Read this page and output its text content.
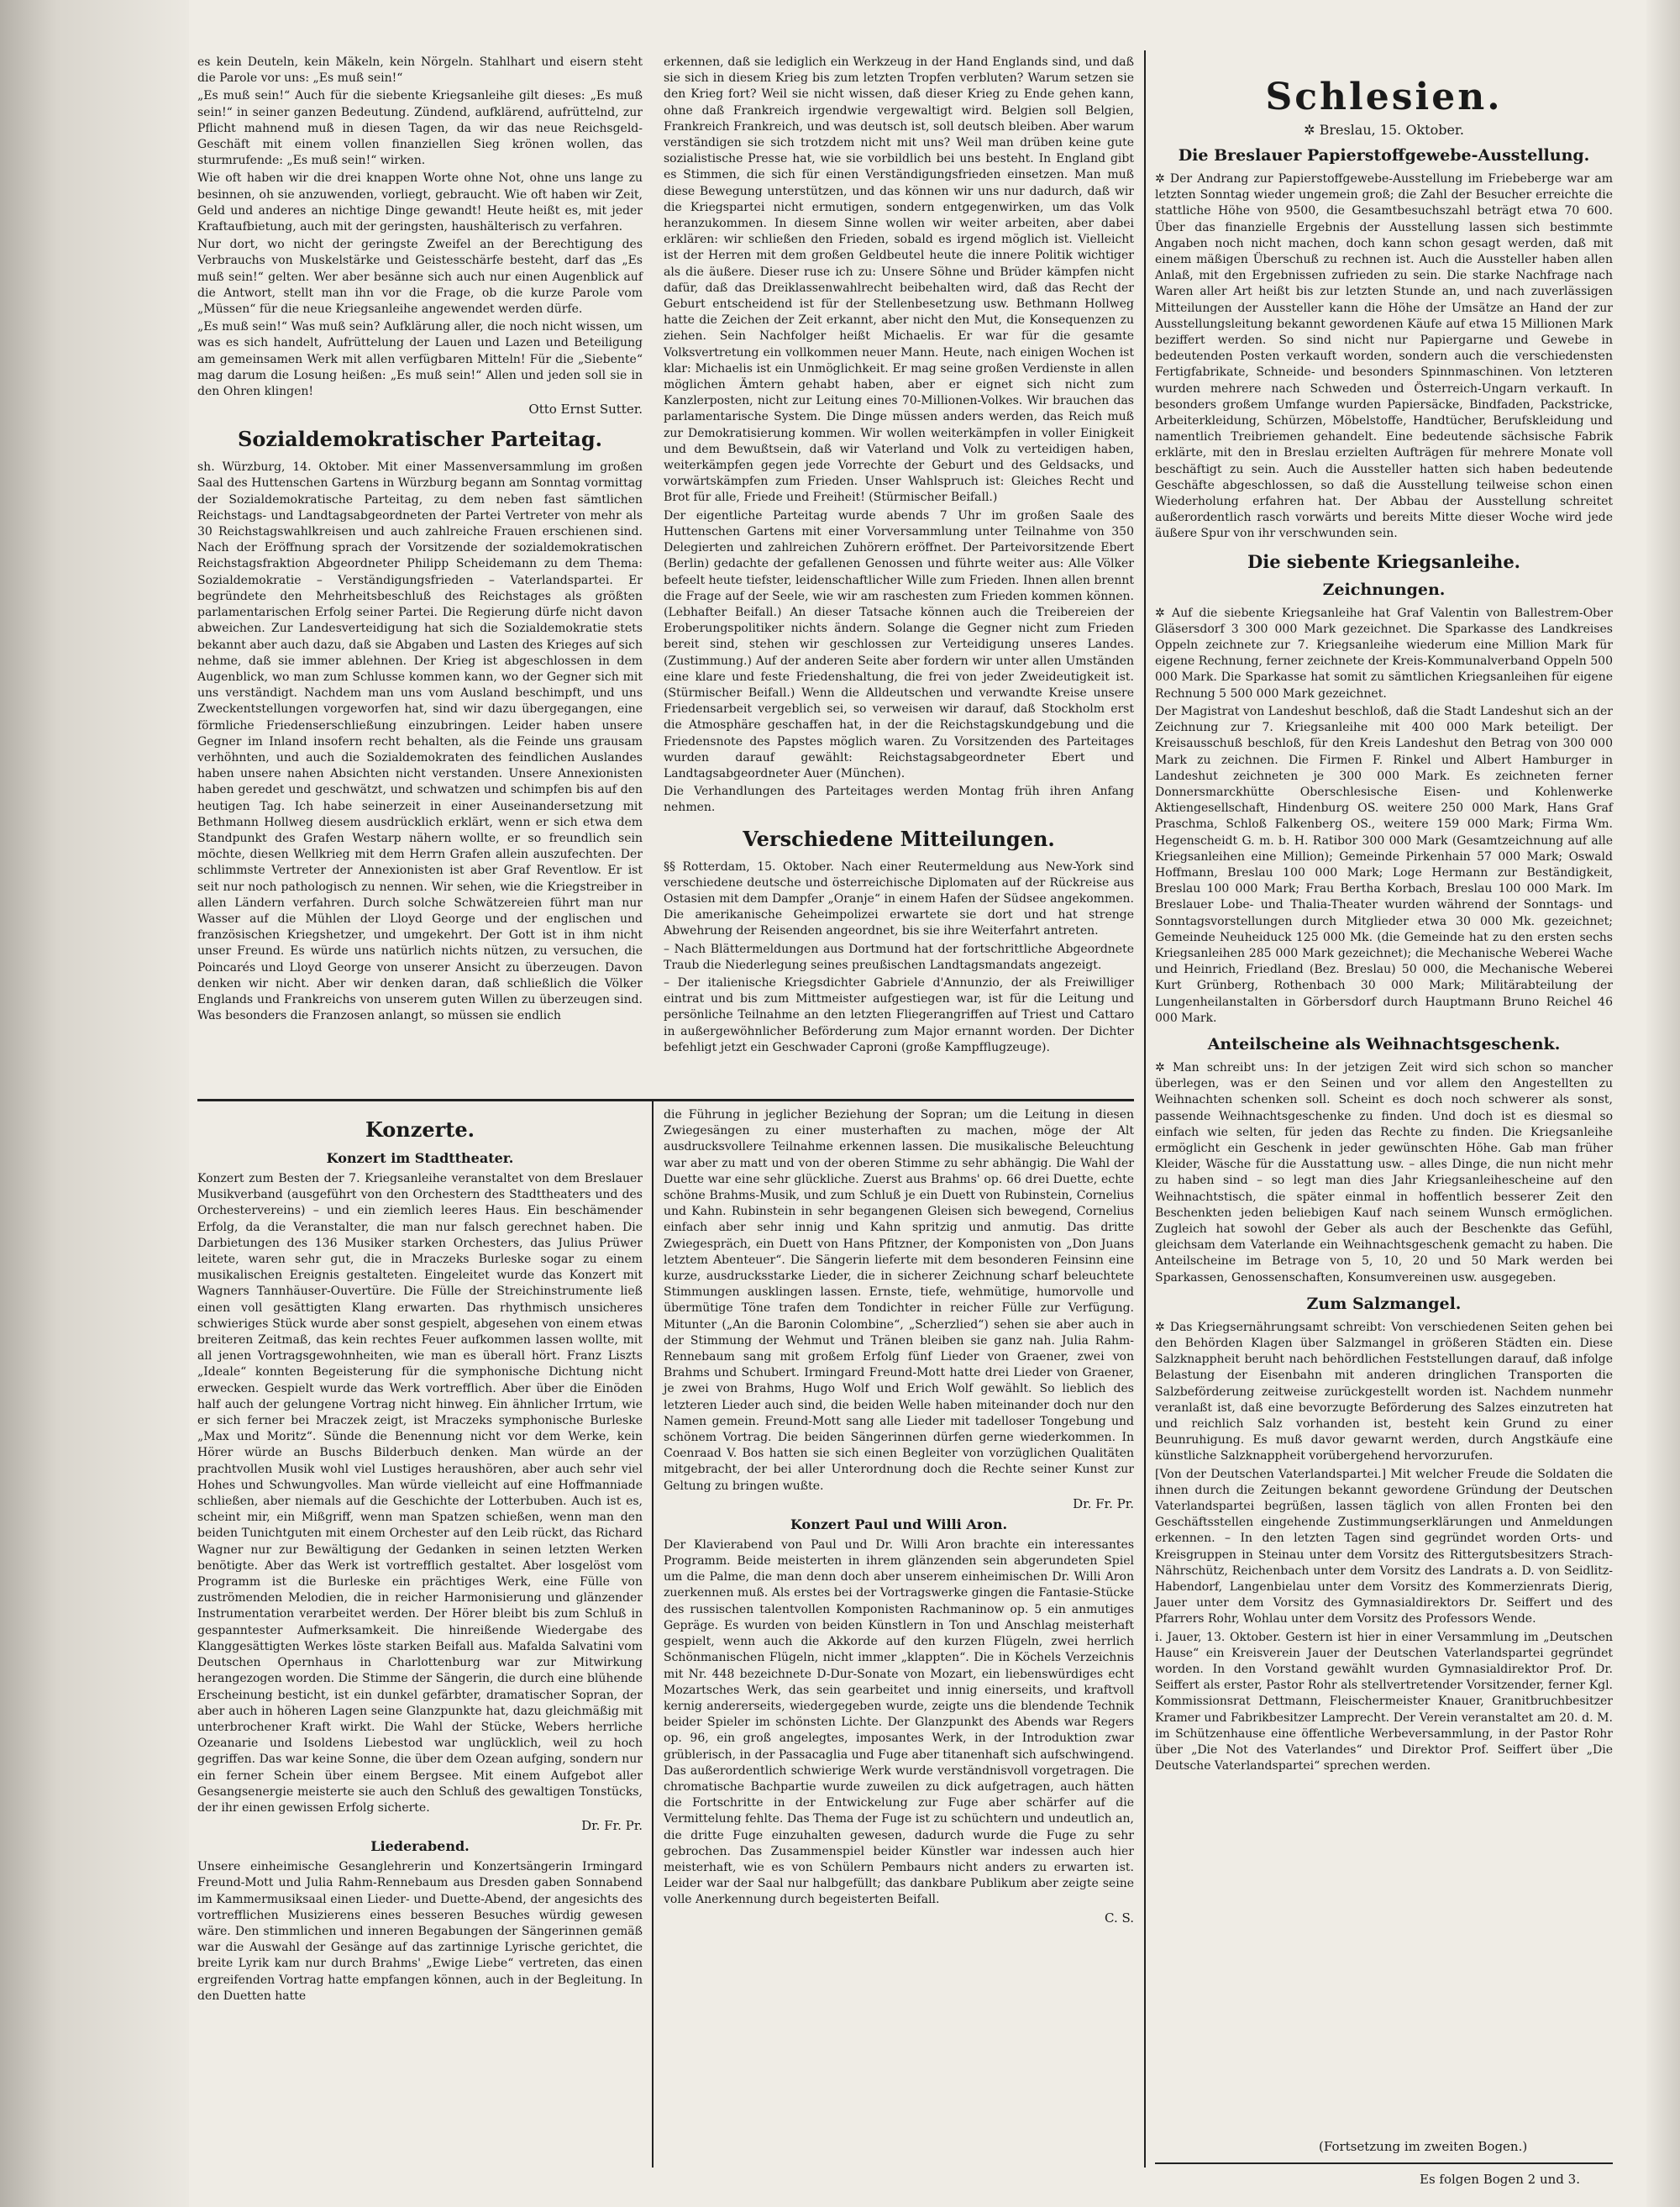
es kein Deuteln, kein Mäkeln, kein Nörgeln. Stahlhart und eisern steht die Parole vor uns: „Es muß sein!“

„Es muß sein!“ Auch für die siebente Kriegsanleihe gilt dieses: „Es muß sein!“ in seiner ganzen Bedeutung. Zündend, aufklärend, aufrüttelnd, zur Pflicht mahnend muß in diesen Tagen, da wir das neue Reichsgeld-Geschäft mit einem vollen finanziellen Sieg krönen wollen, das sturmrufende: „Es muß sein!“ wirken.

Wie oft haben wir die drei knappen Worte ohne Not, ohne uns lange zu besinnen, oh sie anzuwenden, vorliegt, gebraucht. Wie oft haben wir Zeit, Geld und anderes an nichtige Dinge gewandt! Heute heißt es, mit jeder Kraftaufbietung, auch mit der geringsten, haushälterisch zu verfahren.

Nur dort, wo nicht der geringste Zweifel an der Berechtigung des Verbrauchs von Muskelstärke und Geistesschärfe besteht, darf das „Es muß sein!“ gelten. Wer aber besänne sich auch nur einen Augenblick auf die Antwort, stellt man ihn vor die Frage, ob die kurze Parole vom „Müssen“ für die neue Kriegsanleihe angewendet werden dürfe.

„Es muß sein!“ Was muß sein? Aufklärung aller, die noch nicht wissen, um was es sich handelt, Aufrüttelung der Lauen und Lazen und Beteiligung am gemeinsamen Werk mit allen verfügbaren Mitteln! Für die „Siebente“ mag darum die Losung heißen: „Es muß sein!“ Allen und jeden soll sie in den Ohren klingen!

Otto Ernst Sutter.
Sozialdemokratischer Parteitag.

sh. Würzburg, 14. Oktober. Mit einer Massenversammlung im großen Saal des Huttenschen Gartens in Würzburg begann am Sonntag vormittag der Sozialdemokratische Parteitag, zu dem neben fast sämtlichen Reichstags- und Landtagsabgeordneten der Partei Vertreter von mehr als 30 Reichstagswahlkreisen und auch zahlreiche Frauen erschienen sind. Nach der Eröffnung sprach der Vorsitzende der sozialdemokratischen Reichstagsfraktion Abgeordneter Philipp Scheidemann zu dem Thema: Sozialdemokratie – Verständigungsfrieden – Vaterlandspartei. Er begründete den Mehrheitsbeschluß des Reichstages als größten parlamentarischen Erfolg seiner Partei. Die Regierung dürfe nicht davon abweichen. Zur Landesverteidigung hat sich die Sozialdemokratie stets bekannt aber auch dazu, daß sie Abgaben und Lasten des Krieges auf sich nehme, daß sie immer ablehnen. Der Krieg ist abgeschlossen in dem Augenblick, wo man zum Schlusse kommen kann, wo der Gegner sich mit uns verständigt. Nachdem man uns vom Ausland beschimpft, und uns Zweckentstellungen vorgeworfen hat, sind wir dazu übergegangen, eine förmliche Friedenserschließung einzubringen. Leider haben unsere Gegner im Inland insofern recht behalten, als die Feinde uns grausam verhöhnten, und auch die Sozialdemokraten des feindlichen Auslandes haben unsere nahen Absichten nicht verstanden. Unsere Annexionisten haben geredet und geschwätzt, und schwatzen und schimpfen bis auf den heutigen Tag. Ich habe seinerzeit in einer Auseinandersetzung mit Bethmann Hollweg diesem ausdrücklich erklärt, wenn er sich etwa dem Standpunkt des Grafen Westarp nähern wollte, er so freundlich sein möchte, diesen Wellkrieg mit dem Herrn Grafen allein auszufechten. Der schlimmste Vertreter der Annexionisten ist aber Graf Reventlow. Er ist seit nur noch pathologisch zu nennen. Wir sehen, wie die Kriegstreiber in allen Ländern verfahren. Durch solche Schwätzereien führt man nur Wasser auf die Mühlen der Lloyd George und der englischen und französischen Kriegshetzer, und umgekehrt. Der Gott ist in ihm nicht unser Freund. Es würde uns natürlich nichts nützen, zu versuchen, die Poincarés und Lloyd George von unserer Ansicht zu überzeugen. Davon denken wir nicht. Aber wir denken daran, daß schließlich die Völker Englands und Frankreichs von unserem guten Willen zu überzeugen sind. Was besonders die Franzosen anlangt, so müssen sie endlich

erkennen, daß sie lediglich ein Werkzeug in der Hand Englands sind, und daß sie sich in diesem Krieg bis zum letzten Tropfen verbluten? Warum setzen sie den Krieg fort? Weil sie nicht wissen, daß dieser Krieg zu Ende gehen kann, ohne daß Frankreich irgendwie vergewaltigt wird. Belgien soll Belgien, Frankreich Frankreich, und was deutsch ist, soll deutsch bleiben. Aber warum verständigen sie sich trotzdem nicht mit uns? Weil man drüben keine gute sozialistische Presse hat, wie sie vorbildlich bei uns besteht. In England gibt es Stimmen, die sich für einen Verständigungsfrieden einsetzen. Man muß diese Bewegung unterstützen, und das können wir uns nur dadurch, daß wir die Kriegspartei nicht ermutigen, sondern entgegenwirken, um das Volk heranzukommen. In diesem Sinne wollen wir weiter arbeiten, aber dabei erklären: wir schließen den Frieden, sobald es irgend möglich ist. Vielleicht ist der Herren mit dem großen Geldbeutel heute die innere Politik wichtiger als die äußere. Dieser ruse ich zu: Unsere Söhne und Brüder kämpfen nicht dafür, daß das Dreiklassenwahlrecht beibehalten wird, daß das Recht der Geburt entscheidend ist für der Stellenbesetzung usw. Bethmann Hollweg hatte die Zeichen der Zeit erkannt, aber nicht den Mut, die Konsequenzen zu ziehen. Sein Nachfolger heißt Michaelis. Er war für die gesamte Volksvertretung ein vollkommen neuer Mann. Heute, nach einigen Wochen ist klar: Michaelis ist ein Unmöglichkeit. Er mag seine großen Verdienste in allen möglichen Ämtern gehabt haben, aber er eignet sich nicht zum Kanzlerposten, nicht zur Leitung eines 70-Millionen-Volkes. Wir brauchen das parlamentarische System. Die Dinge müssen anders werden, das Reich muß zur Demokratisierung kommen. Wir wollen weiterkämpfen in voller Einigkeit und dem Bewußtsein, daß wir Vaterland und Volk zu verteidigen haben, weiterkämpfen gegen jede Vorrechte der Geburt und des Geldsacks, und vorwärtskämpfen zum Frieden. Unser Wahlspruch ist: Gleiches Recht und Brot für alle, Friede und Freiheit! (Stürmischer Beifall.)

Der eigentliche Parteitag wurde abends 7 Uhr im großen Saale des Huttenschen Gartens mit einer Vorversammlung unter Teilnahme von 350 Delegierten und zahlreichen Zuhörern eröffnet. Der Parteivorsitzende Ebert (Berlin) gedachte der gefallenen Genossen und führte weiter aus: Alle Völker befeelt heute tiefster, leidenschaftlicher Wille zum Frieden. Ihnen allen brennt die Frage auf der Seele, wie wir am raschesten zum Frieden kommen können. (Lebhafter Beifall.) An dieser Tatsache können auch die Treibereien der Eroberungspolitiker nichts ändern. Solange die Gegner nicht zum Frieden bereit sind, stehen wir geschlossen zur Verteidigung unseres Landes. (Zustimmung.) Auf der anderen Seite aber fordern wir unter allen Umständen eine klare und feste Friedenshaltung, die frei von jeder Zweideutigkeit ist. (Stürmischer Beifall.) Wenn die Alldeutschen und verwandte Kreise unsere Friedensarbeit vergeblich sei, so verweisen wir darauf, daß Stockholm erst die Atmosphäre geschaffen hat, in der die Reichstagskundgebung und die Friedensnote des Papstes möglich waren. Zu Vorsitzenden des Parteitages wurden darauf gewählt: Reichstagsabgeordneter Ebert und Landtagsabgeordneter Auer (München).

Die Verhandlungen des Parteitages werden Montag früh ihren Anfang nehmen.

Verschiedene Mitteilungen.

§§ Rotterdam, 15. Oktober. Nach einer Reutermeldung aus New-York sind verschiedene deutsche und österreichische Diplomaten auf der Rückreise aus Ostasien mit dem Dampfer „Oranje“ in einem Hafen der Südsee angekommen. Die amerikanische Geheimpolizei erwartete sie dort und hat strenge Abwehrung der Reisenden angeordnet, bis sie ihre Weiterfahrt antreten.

– Nach Blättermeldungen aus Dortmund hat der fortschrittliche Abgeordnete Traub die Niederlegung seines preußischen Landtagsmandats angezeigt.

– Der italienische Kriegsdichter Gabriele d'Annunzio, der als Freiwilliger eintrat und bis zum Mittmeister aufgestiegen war, ist für die Leitung und persönliche Teilnahme an den letzten Fliegerangriffen auf Triest und Cattaro in außergewöhnlicher Beförderung zum Major ernannt worden. Der Dichter befehligt jetzt ein Geschwader Caproni (große Kampfflugzeuge).

Konzerte.
Konzert im Stadttheater.

Konzert zum Besten der 7. Kriegsanleihe veranstaltet von dem Breslauer Musikverband (ausgeführt von den Orchestern des Stadttheaters und des Orchestervereins) – und ein ziemlich leeres Haus. Ein beschämender Erfolg, da die Veranstalter, die man nur falsch gerechnet haben. Die Darbietungen des 136 Musiker starken Orchesters, das Julius Prüwer leitete, waren sehr gut, die in Mraczeks Burleske sogar zu einem musikalischen Ereignis gestalteten. Eingeleitet wurde das Konzert mit Wagners Tannhäuser-Ouvertüre. Die Fülle der Streichinstrumente ließ einen voll gesättigten Klang erwarten. Das rhythmisch unsicheres schwieriges Stück wurde aber sonst gespielt, abgesehen von einem etwas breiteren Zeitmaß, das kein rechtes Feuer aufkommen lassen wollte, mit all jenen Vortragsgewohnheiten, wie man es überall hört. Franz Liszts „Ideale“ konnten Begeisterung für die symphonische Dichtung nicht erwecken. Gespielt wurde das Werk vortrefflich. Aber über die Einöden half auch der gelungene Vortrag nicht hinweg. Ein ähnlicher Irrtum, wie er sich ferner bei Mraczek zeigt, ist Mraczeks symphonische Burleske „Max und Moritz“. Sünde die Benennung nicht vor dem Werke, kein Hörer würde an Buschs Bilderbuch denken. Man würde an der prachtvollen Musik wohl viel Lustiges heraushören, aber auch sehr viel Hohes und Schwungvolles. Man würde vielleicht auf eine Hoffmanniade schließen, aber niemals auf die Geschichte der Lotterbuben. Auch ist es, scheint mir, ein Mißgriff, wenn man Spatzen schießen, wenn man den beiden Tunichtguten mit einem Orchester auf den Leib rückt, das Richard Wagner nur zur Bewältigung der Gedanken in seinen letzten Werken benötigte. Aber das Werk ist vortrefflich gestaltet. Aber losgelöst vom Programm ist die Burleske ein prächtiges Werk, eine Fülle von zuströmenden Melodien, die in reicher Harmonisierung und glänzender Instrumentation verarbeitet werden. Der Hörer bleibt bis zum Schluß in gespanntester Aufmerksamkeit. Die hinreißende Wiedergabe des Klanggesättigten Werkes löste starken Beifall aus. Mafalda Salvatini vom Deutschen Opernhaus in Charlottenburg war zur Mitwirkung herangezogen worden. Die Stimme der Sängerin, die durch eine blühende Erscheinung besticht, ist ein dunkel gefärbter, dramatischer Sopran, der aber auch in höheren Lagen seine Glanzpunkte hat, dazu gleichmäßig mit unterbrochener Kraft wirkt. Die Wahl der Stücke, Webers herrliche Ozeanarie und Isoldens Liebestod war unglücklich, weil zu hoch gegriffen. Das war keine Sonne, die über dem Ozean aufging, sondern nur ein ferner Schein über einem Bergsee. Mit einem Aufgebot aller Gesangsenergie meisterte sie auch den Schluß des gewaltigen Tonstücks, der ihr einen gewissen Erfolg sicherte.

Dr. Fr. Pr.
Liederabend.

Unsere einheimische Gesanglehrerin und Konzertsängerin Irmingard Freund-Mott und Julia Rahm-Rennebaum aus Dresden gaben Sonnabend im Kammermusiksaal einen Lieder- und Duette-Abend, der angesichts des vortrefflichen Musizierens eines besseren Besuches würdig gewesen wäre. Den stimmlichen und inneren Begabungen der Sängerinnen gemäß war die Auswahl der Gesänge auf das zartinnige Lyrische gerichtet, die breite Lyrik kam nur durch Brahms' „Ewige Liebe“ vertreten, das einen ergreifenden Vortrag hatte empfangen können, auch in der Begleitung. In den Duetten hatte

die Führung in jeglicher Beziehung der Sopran; um die Leitung in diesen Zwiegesängen zu einer musterhaften zu machen, möge der Alt ausdrucksvollere Teilnahme erkennen lassen. Die musikalische Beleuchtung war aber zu matt und von der oberen Stimme zu sehr abhängig. Die Wahl der Duette war eine sehr glückliche. Zuerst aus Brahms' op. 66 drei Duette, echte schöne Brahms-Musik, und zum Schluß je ein Duett von Rubinstein, Cornelius und Kahn. Rubinstein in sehr begangenen Gleisen sich bewegend, Cornelius einfach aber sehr innig und Kahn spritzig und anmutig. Das dritte Zwiegespräch, ein Duett von Hans Pfitzner, der Komponisten von „Don Juans letztem Abenteuer“. Die Sängerin lieferte mit dem besonderen Feinsinn eine kurze, ausdrucksstarke Lieder, die in sicherer Zeichnung scharf beleuchtete Stimmungen ausklingen lassen. Ernste, tiefe, wehmütige, humorvolle und übermütige Töne trafen dem Tondichter in reicher Fülle zur Verfügung. Mitunter („An die Baronin Colombine“, „Scherzlied“) sehen sie aber auch in der Stimmung der Wehmut und Tränen bleiben sie ganz nah. Julia Rahm-Rennebaum sang mit großem Erfolg fünf Lieder von Graener, zwei von Brahms und Schubert. Irmingard Freund-Mott hatte drei Lieder von Graener, je zwei von Brahms, Hugo Wolf und Erich Wolf gewählt. So lieblich des letzteren Lieder auch sind, die beiden Welle haben miteinander doch nur den Namen gemein. Freund-Mott sang alle Lieder mit tadelloser Tongebung und schönem Vortrag. Die beiden Sängerinnen dürfen gerne wiederkommen. In Coenraad V. Bos hatten sie sich einen Begleiter von vorzüglichen Qualitäten mitgebracht, der bei aller Unterordnung doch die Rechte seiner Kunst zur Geltung zu bringen wußte.

Dr. Fr. Pr.
Konzert Paul und Willi Aron.

Der Klavierabend von Paul und Dr. Willi Aron brachte ein interessantes Programm. Beide meisterten in ihrem glänzenden sein abgerundeten Spiel um die Palme, die man denn doch aber unserem einheimischen Dr. Willi Aron zuerkennen muß. Als erstes bei der Vortragswerke gingen die Fantasie-Stücke des russischen talentvollen Komponisten Rachmaninow op. 5 ein anmutiges Gepräge. Es wurden von beiden Künstlern in Ton und Anschlag meisterhaft gespielt, wenn auch die Akkorde auf den kurzen Flügeln, zwei herrlich Schönmanischen Flügeln, nicht immer „klappten“. Die in Köchels Verzeichnis mit Nr. 448 bezeichnete D-Dur-Sonate von Mozart, ein liebenswürdiges echt Mozartsches Werk, das sein gearbeitet und innig einerseits, und kraftvoll kernig andererseits, wiedergegeben wurde, zeigte uns die blendende Technik beider Spieler im schönsten Lichte. Der Glanzpunkt des Abends war Regers op. 96, ein groß angelegtes, imposantes Werk, in der Introduktion zwar grüblerisch, in der Passacaglia und Fuge aber titanenhaft sich aufschwingend. Das außerordentlich schwierige Werk wurde verständnisvoll vorgetragen. Die chromatische Bachpartie wurde zuweilen zu dick aufgetragen, auch hätten die Fortschritte in der Entwickelung zur Fuge aber schärfer auf die Vermittelung fehlte. Das Thema der Fuge ist zu schüchtern und undeutlich an, die dritte Fuge einzuhalten gewesen, dadurch wurde die Fuge zu sehr gebrochen. Das Zusammenspiel beider Künstler war indessen auch hier meisterhaft, wie es von Schülern Pembaurs nicht anders zu erwarten ist. Leider war der Saal nur halbgefüllt; das dankbare Publikum aber zeigte seine volle Anerkennung durch begeisterten Beifall.

C. S.
Schlesien.
✲ Breslau, 15. Oktober.
Die Breslauer Papierstoffgewebe-Ausstellung.

✲ Der Andrang zur Papierstoffgewebe-Ausstellung im Friebeberge war am letzten Sonntag wieder ungemein groß; die Zahl der Besucher erreichte die stattliche Höhe von 9500, die Gesamtbesuchszahl beträgt etwa 70 600. Über das finanzielle Ergebnis der Ausstellung lassen sich bestimmte Angaben noch nicht machen, doch kann schon gesagt werden, daß mit einem mäßigen Überschuß zu rechnen ist. Auch die Aussteller haben allen Anlaß, mit den Ergebnissen zufrieden zu sein. Die starke Nachfrage nach Waren aller Art heißt bis zur letzten Stunde an, und nach zuverlässigen Mitteilungen der Aussteller kann die Höhe der Umsätze an Hand der zur Ausstellungsleitung bekannt gewordenen Käufe auf etwa 15 Millionen Mark beziffert werden. So sind nicht nur Papiergarne und Gewebe in bedeutenden Posten verkauft worden, sondern auch die verschiedensten Fertigfabrikate, Schneide- und besonders Spinnmaschinen. Von letzteren wurden mehrere nach Schweden und Österreich-Ungarn verkauft. In besonders großem Umfange wurden Papiersäcke, Bindfaden, Packstricke, Arbeiterkleidung, Schürzen, Möbelstoffe, Handtücher, Berufskleidung und namentlich Treibriemen gehandelt. Eine bedeutende sächsische Fabrik erklärte, mit den in Breslau erzielten Aufträgen für mehrere Monate voll beschäftigt zu sein. Auch die Aussteller hatten sich haben bedeutende Geschäfte abgeschlossen, so daß die Ausstellung teilweise schon einen Wiederholung erfahren hat. Der Abbau der Ausstellung schreitet außerordentlich rasch vorwärts und bereits Mitte dieser Woche wird jede äußere Spur von ihr verschwunden sein.

Die siebente Kriegsanleihe.
Zeichnungen.

✲ Auf die siebente Kriegsanleihe hat Graf Valentin von Ballestrem-Ober Gläsersdorf 3 300 000 Mark gezeichnet. Die Sparkasse des Landkreises Oppeln zeichnete zur 7. Kriegsanleihe wiederum eine Million Mark für eigene Rechnung, ferner zeichnete der Kreis-Kommunalverband Oppeln 500 000 Mark. Die Sparkasse hat somit zu sämtlichen Kriegsanleihen für eigene Rechnung 5 500 000 Mark gezeichnet.

Der Magistrat von Landeshut beschloß, daß die Stadt Landeshut sich an der Zeichnung zur 7. Kriegsanleihe mit 400 000 Mark beteiligt. Der Kreisausschuß beschloß, für den Kreis Landeshut den Betrag von 300 000 Mark zu zeichnen. Die Firmen F. Rinkel und Albert Hamburger in Landeshut zeichneten je 300 000 Mark. Es zeichneten ferner Donnersmarckhütte Oberschlesische Eisen- und Kohlenwerke Aktiengesellschaft, Hindenburg OS. weitere 250 000 Mark, Hans Graf Praschma, Schloß Falkenberg OS., weitere 159 000 Mark; Firma Wm. Hegenscheidt G. m. b. H. Ratibor 300 000 Mark (Gesamtzeichnung auf alle Kriegsanleihen eine Million); Gemeinde Pirkenhain 57 000 Mark; Oswald Hoffmann, Breslau 100 000 Mark; Loge Hermann zur Beständigkeit, Breslau 100 000 Mark; Frau Bertha Korbach, Breslau 100 000 Mark. Im Breslauer Lobe- und Thalia-Theater wurden während der Sonntags- und Sonntagsvorstellungen durch Mitglieder etwa 30 000 Mk. gezeichnet; Gemeinde Neuheiduck 125 000 Mk. (die Gemeinde hat zu den ersten sechs Kriegsanleihen 285 000 Mark gezeichnet); die Mechanische Weberei Wache und Heinrich, Friedland (Bez. Breslau) 50 000, die Mechanische Weberei Kurt Grünberg, Rothenbach 30 000 Mark; Militärabteilung der Lungenheilanstalten in Görbersdorf durch Hauptmann Bruno Reichel 46 000 Mark.

Anteilscheine als Weihnachtsgeschenk.

✲ Man schreibt uns: In der jetzigen Zeit wird sich schon so mancher überlegen, was er den Seinen und vor allem den Angestellten zu Weihnachten schenken soll. Scheint es doch noch schwerer als sonst, passende Weihnachtsgeschenke zu finden. Und doch ist es diesmal so einfach wie selten, für jeden das Rechte zu finden. Die Kriegsanleihe ermöglicht ein Geschenk in jeder gewünschten Höhe. Gab man früher Kleider, Wäsche für die Ausstattung usw. – alles Dinge, die nun nicht mehr zu haben sind – so legt man dies Jahr Kriegsanleihescheine auf den Weihnachtstisch, die später einmal in hoffentlich besserer Zeit den Beschenkten jeden beliebigen Kauf nach seinem Wunsch ermöglichen. Zugleich hat sowohl der Geber als auch der Beschenkte das Gefühl, gleichsam dem Vaterlande ein Weihnachtsgeschenk gemacht zu haben. Die Anteilscheine im Betrage von 5, 10, 20 und 50 Mark werden bei Sparkassen, Genossenschaften, Konsumvereinen usw. ausgegeben.

Zum Salzmangel.

✲ Das Kriegsernährungsamt schreibt: Von verschiedenen Seiten gehen bei den Behörden Klagen über Salzmangel in größeren Städten ein. Diese Salzknappheit beruht nach behördlichen Feststellungen darauf, daß infolge Belastung der Eisenbahn mit anderen dringlichen Transporten die Salzbeförderung zeitweise zurückgestellt worden ist. Nachdem nunmehr veranlaßt ist, daß eine bevorzugte Beförderung des Salzes einzutreten hat und reichlich Salz vorhanden ist, besteht kein Grund zu einer Beunruhigung. Es muß davor gewarnt werden, durch Angstkäufe eine künstliche Salzknappheit vorübergehend hervorzurufen.

[Von der Deutschen Vaterlandspartei.] Mit welcher Freude die Soldaten die ihnen durch die Zeitungen bekannt gewordene Gründung der Deutschen Vaterlandspartei begrüßen, lassen täglich von allen Fronten bei den Geschäftsstellen eingehende Zustimmungserklärungen und Anmeldungen erkennen. – In den letzten Tagen sind gegründet worden Orts- und Kreisgruppen in Steinau unter dem Vorsitz des Rittergutsbesitzers Strach-Nährschütz, Reichenbach unter dem Vorsitz des Landrats a. D. von Seidlitz-Habendorf, Langenbielau unter dem Vorsitz des Kommerzienrats Dierig, Jauer unter dem Vorsitz des Gymnasialdirektors Dr. Seiffert und des Pfarrers Rohr, Wohlau unter dem Vorsitz des Professors Wende.

i. Jauer, 13. Oktober. Gestern ist hier in einer Versammlung im „Deutschen Hause“ ein Kreisverein Jauer der Deutschen Vaterlandspartei gegründet worden. In den Vorstand gewählt wurden Gymnasialdirektor Prof. Dr. Seiffert als erster, Pastor Rohr als stellvertretender Vorsitzender, ferner Kgl. Kommissionsrat Dettmann, Fleischermeister Knauer, Granitbruchbesitzer Kramer und Fabrikbesitzer Lamprecht. Der Verein veranstaltet am 20. d. M. im Schützenhause eine öffentliche Werbeversammlung, in der Pastor Rohr über „Die Not des Vaterlandes“ und Direktor Prof. Seiffert über „Die Deutsche Vaterlandspartei“ sprechen werden.

(Fortsetzung im zweiten Bogen.)
Es folgen Bogen 2 und 3.
